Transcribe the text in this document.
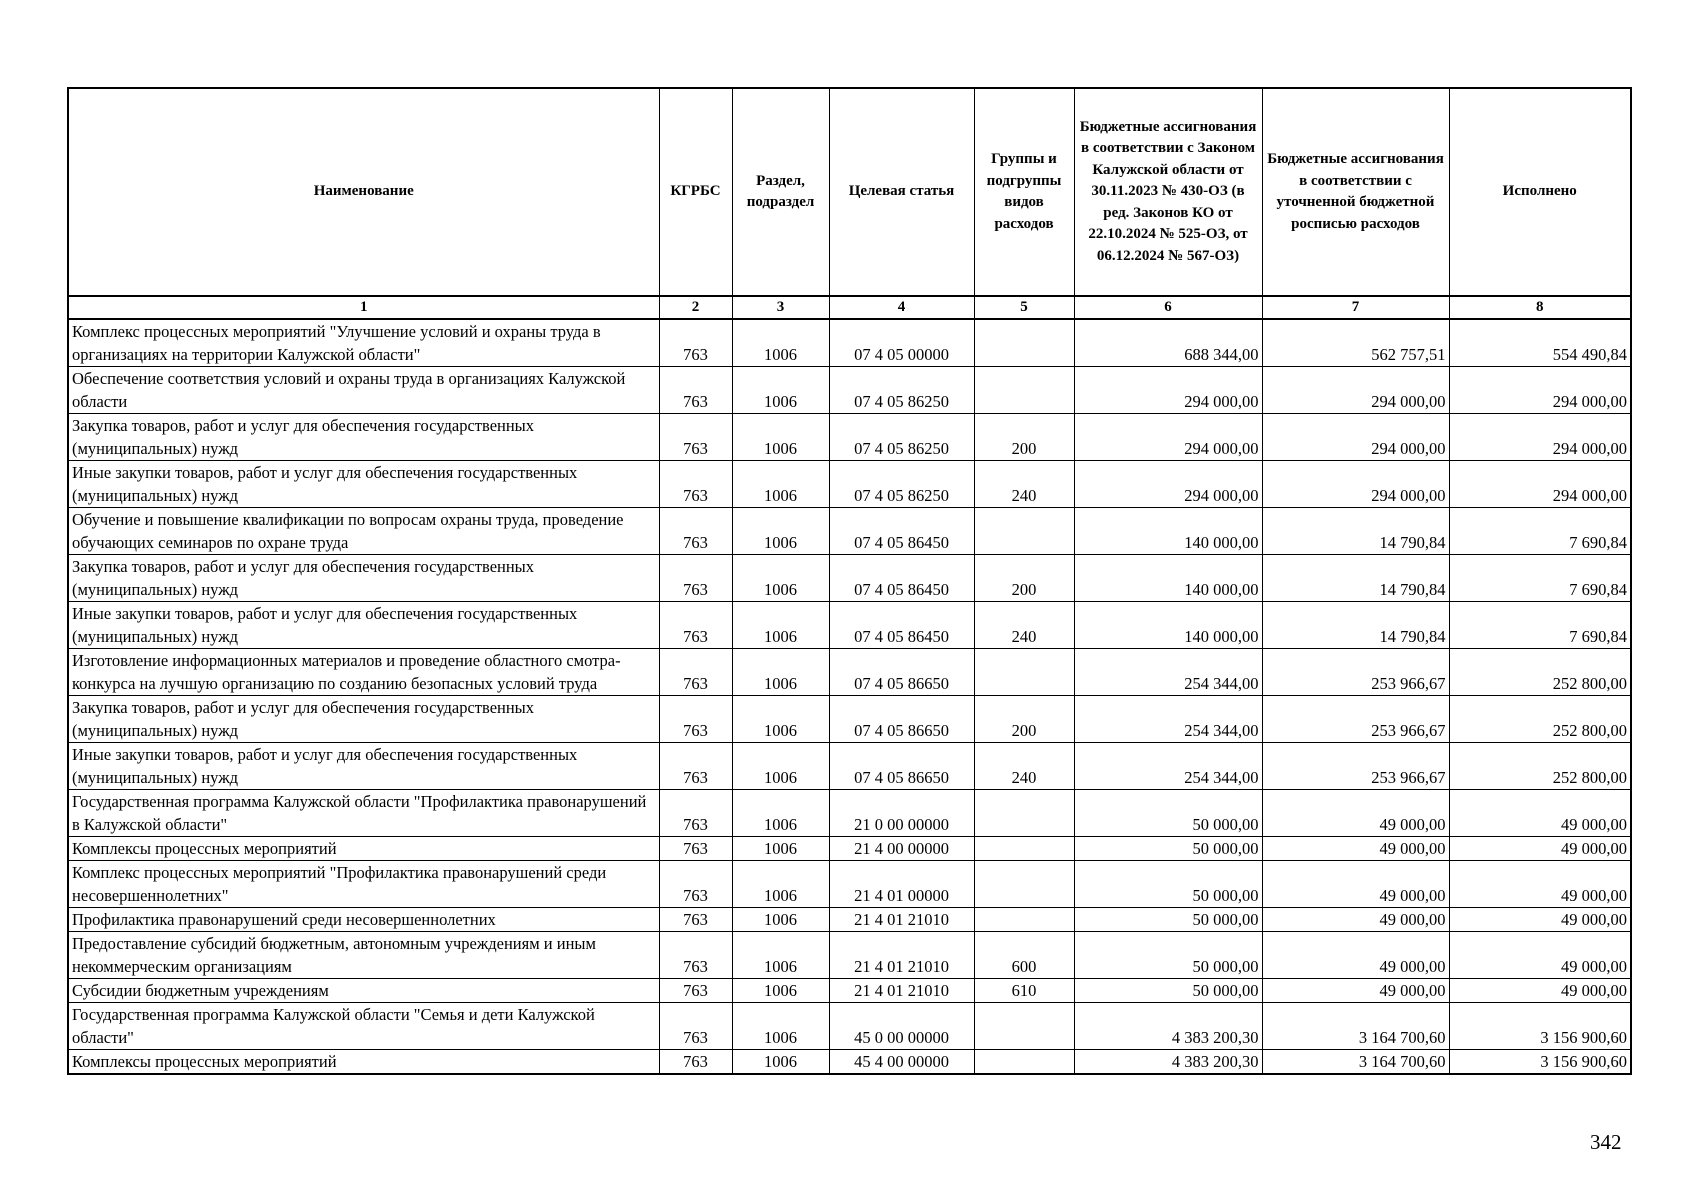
Наименование	КГРБС	Раздел, подраздел	Целевая статья	Группы и подгруппы видов расходов	Бюджетные ассигнования в соответствии с Законом Калужской области от 30.11.2023 № 430-ОЗ (в ред. Законов КО от 22.10.2024 № 525-ОЗ, от 06.12.2024 № 567-ОЗ)	Бюджетные ассигнования в соответствии с уточненной бюджетной росписью расходов	Исполнено
1	2	3	4	5	6	7	8
Комплекс процессных мероприятий "Улучшение условий и охраны труда в организациях на территории Калужской области"	763	1006	07 4 05 00000		688 344,00	562 757,51	554 490,84
Обеспечение соответствия условий и охраны труда в организациях Калужской области	763	1006	07 4 05 86250		294 000,00	294 000,00	294 000,00
Закупка товаров, работ и услуг для обеспечения государственных (муниципальных) нужд	763	1006	07 4 05 86250	200	294 000,00	294 000,00	294 000,00
Иные закупки товаров, работ и услуг для обеспечения государственных (муниципальных) нужд	763	1006	07 4 05 86250	240	294 000,00	294 000,00	294 000,00
Обучение и повышение квалификации по вопросам охраны труда, проведение обучающих семинаров по охране труда	763	1006	07 4 05 86450		140 000,00	14 790,84	7 690,84
Закупка товаров, работ и услуг для обеспечения государственных (муниципальных) нужд	763	1006	07 4 05 86450	200	140 000,00	14 790,84	7 690,84
Иные закупки товаров, работ и услуг для обеспечения государственных (муниципальных) нужд	763	1006	07 4 05 86450	240	140 000,00	14 790,84	7 690,84
Изготовление информационных материалов и проведение областного смотра-конкурса на лучшую организацию по созданию безопасных условий труда	763	1006	07 4 05 86650		254 344,00	253 966,67	252 800,00
Закупка товаров, работ и услуг для обеспечения государственных (муниципальных) нужд	763	1006	07 4 05 86650	200	254 344,00	253 966,67	252 800,00
Иные закупки товаров, работ и услуг для обеспечения государственных (муниципальных) нужд	763	1006	07 4 05 86650	240	254 344,00	253 966,67	252 800,00
Государственная программа Калужской области "Профилактика правонарушений в Калужской области"	763	1006	21 0 00 00000		50 000,00	49 000,00	49 000,00
Комплексы процессных мероприятий	763	1006	21 4 00 00000		50 000,00	49 000,00	49 000,00
Комплекс процессных мероприятий "Профилактика правонарушений среди несовершеннолетних"	763	1006	21 4 01 00000		50 000,00	49 000,00	49 000,00
Профилактика правонарушений среди несовершеннолетних	763	1006	21 4 01 21010		50 000,00	49 000,00	49 000,00
Предоставление субсидий бюджетным, автономным учреждениям и иным некоммерческим организациям	763	1006	21 4 01 21010	600	50 000,00	49 000,00	49 000,00
Субсидии бюджетным учреждениям	763	1006	21 4 01 21010	610	50 000,00	49 000,00	49 000,00
Государственная программа Калужской области "Семья и дети Калужской области"	763	1006	45 0 00 00000		4 383 200,30	3 164 700,60	3 156 900,60
Комплексы процессных мероприятий	763	1006	45 4 00 00000		4 383 200,30	3 164 700,60	3 156 900,60
342
